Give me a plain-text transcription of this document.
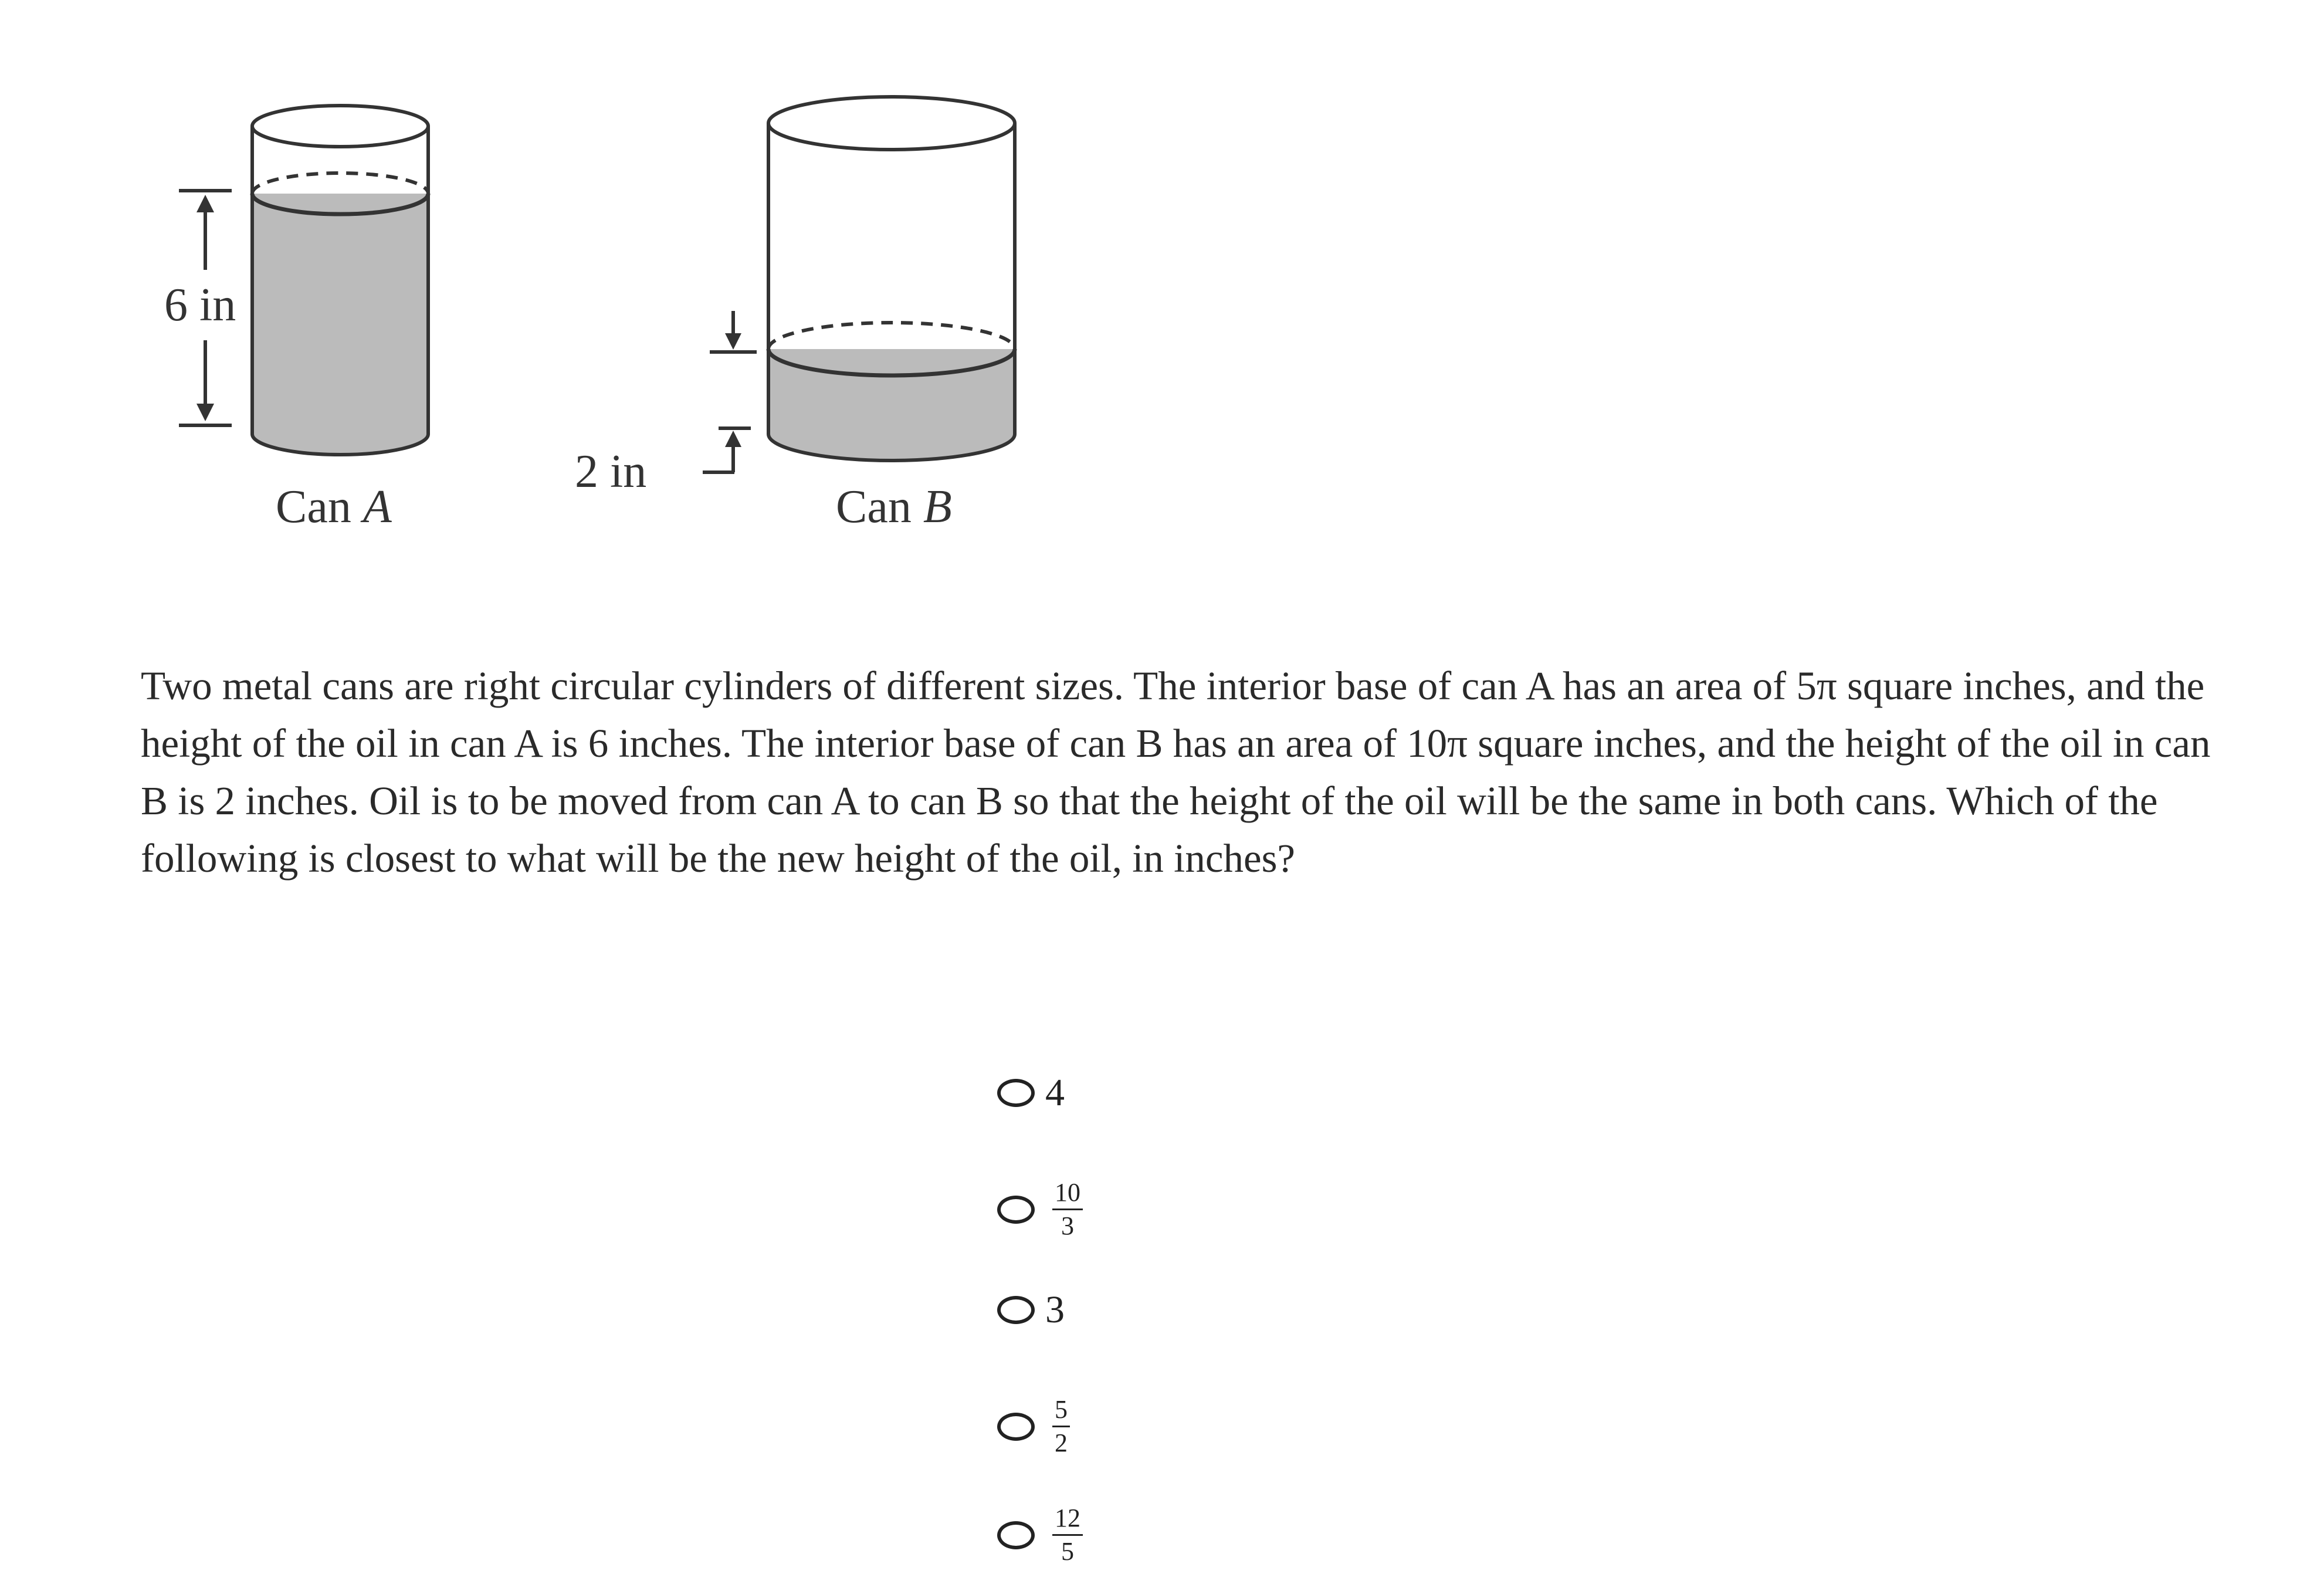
6 in
Can A
2 in
Can B

Two metal cans are right circular cylinders of different sizes. The interior base of can A has an area of 5π square inches, and the height of the oil in can A is 6 inches. The interior base of can B has an area of 10π square inches, and the height of the oil in can B is 2 inches. Oil is to be moved from can A to can B so that the height of the oil will be the same in both cans. Which of the following is closest to what will be the new height of the oil, in inches?

4
$\frac{10}{3}$
3
$\frac{5}{2}$
$\frac{12}{5}$
